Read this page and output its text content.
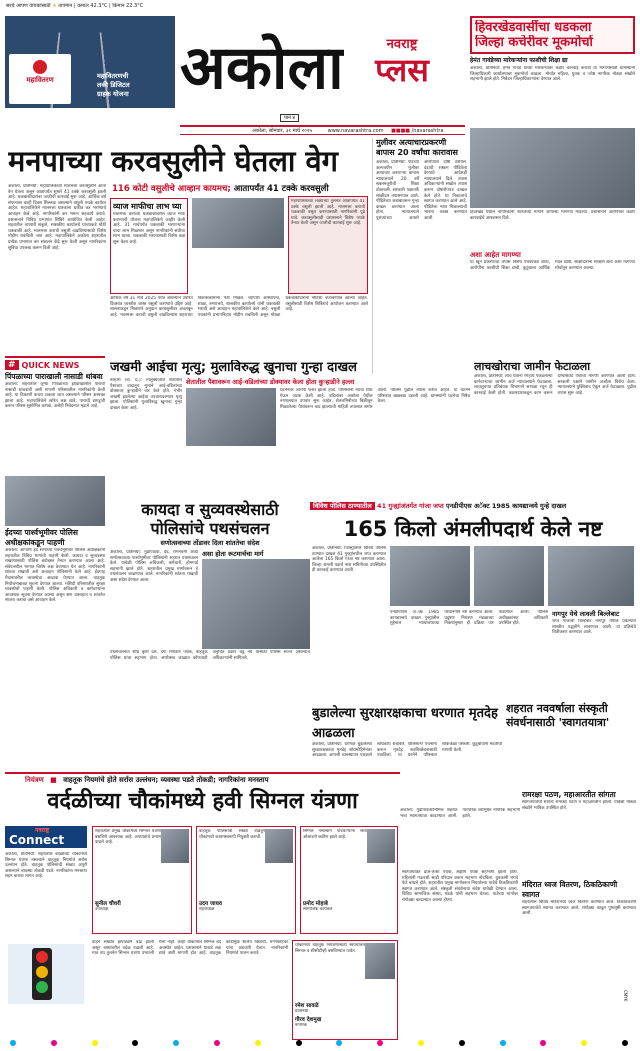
सरचे आपण वाचकांसाठी ☀ तापमान | कमाल 42.3°C | किमान 22.3°C
महावितरण	महावितरणची
लकी डिजिटल
ग्राहक योजना अकोला	नवराष्ट्र
प्लस
पान ४
हिवरखेडवासींचा धडकला
जिल्हा कचेरीवर मूकमोर्चा
हेमंत गावंडेच्या मारेकऱ्यांना फाशीची शिक्षा द्या
अकोला, प्रतिनिधी: हेमंत गावंडे यांच्या मारेकऱ्यांवर कठोर कारवाई करावी या मागणीसाठी ग्रामस्थांनी जिल्हाधिकारी कार्यालयावर मूकमोर्चा काढला. मोर्चात महिला, युवक व ज्येष्ठ नागरिक मोठ्या संख्येने सहभागी झाले होते. निवेदन जिल्हाधिकाऱ्यांना देण्यात आले.
हिवरखेड येथील नागरिकांनी शांततेच्या मार्गाने आपल्या मागण्या मांडल्या. प्रशासनाने आरोपींवर कठोर कारवाईचे आश्वासन दिले.
अशा आहेत मागण्या
या खून प्रकरणाचा तपास विशेष पथकाकडे द्यावा, आरोपींना फाशीची शिक्षा द्यावी, कुटुंबाला आर्थिक मदत द्यावी, साक्षीदारांना संरक्षण द्यावे अशा मागण्या मोर्चातून करण्यात आल्या.
अकोला, सोमवार, ३१ मार्च २०२५	www.navarashtra.com ■■■■ /navarashtra
मनपाच्या करवसुलीने घेतला वेग
116 कोटी वसुलीचे आव्हान कायमच; आतापर्यंत 41 टक्के करवसुली
अकोला, प्रतिनिधी: महापालिकेच्या मालमत्ता करवसुलीने आता वेग घेतला असून आतापर्यंत सुमारे 41 टक्के करवसुली झाली आहे. थकबाकीदारांवर जप्तीची कारवाई सुरू आहे. आर्थिक वर्ष संपण्यास काही दिवस शिल्लक असल्याने वसुली पथके कार्यरत आहेत. महापालिकेने मालमत्ता धारकांना थकीत कर भरण्याचे आवाहन केले आहे. नागरिकांनी कर भरून सहकार्य करावे. प्रशासनाने विविध प्रभागांत शिबिरे आयोजित केली आहेत. शहरातील व्यापारी संकुले, शासकीय कार्यालये यांच्याकडे मोठी थकबाकी आहे. मालमत्ता कराची वसुली वाढविण्यासाठी विशेष मोहीम राबविली जात आहे. महापालिकेने अकोला शहरातील प्रत्येक प्रभागात कर संकलन केंद्रे सुरू केली असून नागरिकांना सुविधा उपलब्ध करून दिली आहे.
व्याज माफीचा लाभ घ्या
मालमत्ता कराच्या थकबाकीवरील व्याज माफ करण्याची योजना महापालिकेने जाहीर केली आहे. 31 मार्चपर्यंत थकबाकी भरणाऱ्यांना याचा लाभ मिळणार असून नागरिकांनी संधीचा लाभ घ्यावा. थकबाकी भरण्यासाठी विशेष कक्ष सुरू केला आहे.
महापालिकेच्या लक्ष्याच्या तुलनेत आतापर्यंत 41 टक्के वसुली झाली आहे. मालमत्ता कराची थकबाकी वसूल करण्यासाठी नागरिकांनी पुढे यावे. करवसुलीसाठी प्रशासनाने विशेष पथके तैनात केली असून जप्तीची कारवाई सुरू आहे.
आर्थिक वर्ष 31 मार्च 2025 पर्यंत असल्याने उर्वरित दिवसांत जास्तीत जास्त वसुली करण्याचे उद्दिष्ट आहे. शासनाकडून मिळणारे अनुदान करवसुलीवर अवलंबून आहे. मालमत्ता कराची वसुली वाढविल्यास शहराच्या विकासकामांना गती मिळेल. व्यापारी आस्थापना, शाळा, रुग्णालये, शासकीय कार्यालये यांनी थकबाकी भरावी असे आवाहन महापालिकेने केले आहे. वसुली पथकांनी प्रभागनिहाय मोहीम राबविली असून मोठ्या थकबाकीदारांना नोटिसा बजावण्यात आल्या आहेत. वसुलीसाठी विशेष शिबिरांचे आयोजन करण्यात आले आहे.
मुलीवर अत्याचारप्रकरणी बापास 20 वर्षांचा कारावास
अकोला, प्रतिनिधी: पोटच्या अल्पवयीन मुलीवर अत्याचार करणाऱ्या बापास न्यायालयाने 20 वर्षे सक्तमजुरीची शिक्षा ठोठावली. सरकारी पक्षातर्फे साक्षीदार तपासण्यात आले. पीडितेच्या जबाबावरून गुन्हा दाखल करण्यात आला होता. न्यायालयाने पुराव्यांच्या आधारे आरोपीला दोषी ठरविले. दंडाची रक्कम पीडितेला देण्याचे आदेशही न्यायालयाने दिले. तपास अधिकाऱ्यांनी सखोल तपास करून दोषारोपपत्र दाखल केले होते. या निकालाचे स्वागत करण्यात आले आहे. पीडितेला न्याय मिळाल्याची भावना व्यक्त करण्यात आली.
# QUICK NEWS
पिंपळाच्या पाराखाली नासाडी थांबवा
अकोला: शहरातील जुन्या पिंपळाच्या झाडाखालील पाराची नासाडी थांबवावी अशी मागणी परिसरातील नागरिकांनी केली आहे. या ठिकाणी कचरा टाकला जात असल्याने परिसर अस्वच्छ झाला आहे. महापालिकेने त्वरित लक्ष द्यावे. पाराची डागडुजी करून परिसर सुशोभित करावा, असेही निवेदनात म्हटले आहे.
ईदच्या पार्श्वभूमीवर पोलिस अधीक्षकांकडून पाहणी
अकोला: आगामी ईद सणाच्या पार्श्वभूमीवर पोलिस अधीक्षकांनी शहरातील विविध भागांची पाहणी केली. कायदा व सुव्यवस्था राखण्यासाठी पोलिस बंदोबस्त तैनात करण्यात आला आहे. संवेदनशील भागात विशेष लक्ष ठेवण्यात येत आहे. नागरिकांनी शांतता राखावी असे आवाहन पोलिसांनी केले आहे. ईदगाह मैदानावरील व्यवस्थेचा आढावा घेण्यात आला. वाहतूक नियोजनाबाबत सूचना देण्यात आल्या. मशिदी परिसरातील सुरक्षा व्यवस्थेची पाहणी केली. पोलिस अधिकारी व कर्मचाऱ्यांना आवश्यक सूचना देण्यात आल्या असून सण उत्साहात व शांततेत साजरा करावा असे आवाहन केले.
जखमी आईचा मृत्यु; मुलाविरुद्ध खुनाचा गुन्हा दाखल
शेतातील पैशावरून आई-वडिलांच्या डोक्यावर केला होता कुऱ्हाडीने हल्ला
तेल्हारा (वा. प्र.): तालुक्यातील शेतातील पैशांच्या वादातून मुलाने आई-वडिलांच्या डोक्यावर कुऱ्हाडीने वार केले होते. गंभीर जखमी झालेल्या आईचा उपचारादरम्यान मृत्यू झाला. पोलिसांनी मुलाविरुद्ध खुनाचा गुन्हा दाखल केला आहे.
घटनेनंतर आरोपी फरार झाला होता. पोलिसांनी त्याचा शोध घेऊन अटक केली आहे. वडिलांवर अकोला येथील रुग्णालयात उपचार सुरू आहेत. शेतजमिनीच्या विक्रीतून मिळालेल्या पैशांवरून वाद झाल्याची माहिती तपासात समोर आली. पोलिस पुढील तपास करीत आहेत. या घटनेने परिसरात खळबळ उडाली आहे. ग्रामस्थांनी घटनेचा निषेध केला.
लाचखोराचा जामीन फेटाळला
अकोला, प्रतिनिधी: लाच घेताना रंगेहाथ पकडलेल्या कर्मचाऱ्याचा जामीन अर्ज न्यायालयाने फेटाळला. लाचलुचपत प्रतिबंधक विभागाने सापळा रचून ही कारवाई केली होती. तक्रारदाराकडून काम करून देण्यासाठी पैशांची मागणी करण्यात आली होती. सरकारी पक्षाने जामीन अर्जाला विरोध केला. न्यायालयाने युक्तिवाद ऐकून अर्ज फेटाळला. पुढील तपास सुरू आहे.
कायदा व सुव्यवस्थेसाठी
पोलिसांचे पथसंचलन
सणोत्सवाच्या तोंडावर दिला शांततेचा संदेश
अकोला, प्रतिनिधी: गुढीपाडवा, ईद, रामनवमी आदी सणोत्सवाच्या पार्श्वभूमीवर पोलिसांनी शहरात पथसंचलन केले. यावेळी पोलिस अधिकारी, कर्मचारी, होमगार्ड सहभागी झाले होते. शहरातील प्रमुख मार्गावरून हे पथसंचलन काढण्यात आले. नागरिकांनी शांतता राखावी असा संदेश देण्यात आला.
असा होता रूटमार्चचा मार्ग
पथसंचलनात शीघ्र कृती दल, दंगा नियंत्रण पथक, वाहतूक पोलिस यांचा सहभाग होता. सणोत्सव काळात कोणताही अनुचित प्रकार घडू नये यासाठी पोलिस सज्ज असल्याचे अधिकाऱ्यांनी सांगितले.
विविध पोलिस ठाण्यातील 41 गुन्ह्यांअंतर्गत गांजा जप्त एनडीपीएस अॅक्ट 1985 कायद्यान्वये गुन्हे दाखल
165 किलो अंमलीपदार्थ केले नष्ट
अकोला, प्रतिनिधी: जिल्ह्यातील विविध पोलिस ठाण्यात दाखल 41 गुन्ह्यांमधील जप्त करण्यात आलेला 165 किलो गांजा नष्ट करण्यात आला. जिल्हा अंमली पदार्थ नाश समितीच्या उपस्थितीत ही कारवाई करण्यात आली.
एनडीपीएस अॅक्ट 1985 कायद्यान्वये दाखल गुन्ह्यांतील मुद्देमाल न्यायालयाच्या परवानगीने नष्ट करण्यात आला. प्रदूषण नियंत्रण मंडळाच्या निकषांनुसार ही प्रक्रिया पार पाडण्यात आली. पोलिस अधीक्षकांसह अधिकारी उपस्थित होते.
नागपूर येथे लावली बिल्लेबाट
जप्त गांजाची विल्हेवाट नागपूर येथील प्रकल्पात शास्त्रीय पद्धतीने लावण्यात आली. या प्रक्रियेचे चित्रीकरण करण्यात आले.
बुडालेल्या सुरक्षारक्षकाचा धरणात मृतदेह आढळला
अकोला, प्रतिनिधी: धरणात बुडालेल्या सुरक्षारक्षकाचा मृतदेह शोधमोहिमेनंतर आढळला. आपत्ती व्यवस्थापन पथकाने शोधकार्य राबविले. पोलिसांनी पंचनामा करून मृतदेह शवविच्छेदनासाठी पाठविला. या घटनेने परिसरात शोककळा पसरली. कुटुंबीयांनी मदतीची मागणी केली.
शहरात नववर्षाला संस्कृती संवर्धनासाठी 'स्वागतयात्रा'
अकोला: गुढीपाडव्यानिमित्त शहरात भव्य स्वागतयात्रा काढण्यात आली. पारंपरिक वेशभूषेत नागरिक सहभागी झाले.
रामरक्षा पठण, महाआरतीत सांगता
स्वागतयात्रेची सांगता रामरक्षा पठण व महाआरतीने झाली. यावेळी मोठ्या संख्येने भाविक उपस्थित होते.
मंदिरात ध्वज वितरण, ठिकठिकाणी स्वागत
शहरातील विविध मंदिरांमध्ये ध्वज वितरण करण्यात आले. ठिकठिकाणी स्वागतयात्रेचे स्वागत करण्यात आले. रांगोळ्या काढून पुष्पवृष्टी करण्यात आली.
नियंत्रण ■ वाहतूक नियमांचे होते सर्रास उल्लंघन; व्यवस्था पडते तोकडी; नागरिकांना मनस्ताप
वर्दळीच्या चौकांमध्ये हवी सिग्नल यंत्रणा
नवराष्ट्र
Connect
अकोला, प्रतिनिधी: शहरातील वर्दळीच्या चौकांमध्ये सिग्नल यंत्रणा नसल्याने वाहतूक नियमांचे सर्रास उल्लंघन होते. वाहतूक पोलिसांची संख्या अपुरी असल्याने व्यवस्था तोकडी पडते. नागरिकांना मनस्ताप सहन करावा लागत आहे.
शहरातील प्रमुख चौकांमध्ये सिग्नल यंत्रणा बसविणे आवश्यक आहे. अपघातांचे प्रमाण वाढले आहे.
सुनील चौधरी
उपाध्यक्ष
वाहतूक पोलिसांची संख्या वाढवून चौकांमध्ये कायमस्वरूपी नियुक्ती करावी.
उदय जाधव
शहराध्यक्ष
सिग्नल नसल्याने पादचाऱ्यांना रस्ता ओलांडणे कठीण झाले आहे.
प्रमोद मोहाबे
सामाजिक कार्यकर्ते
वाहन संख्येत झपाट्याने वाढ झाली असून रस्त्यांवरील वर्दळ वाढली आहे. मात्र त्या तुलनेत सिग्नल यंत्रणा उभारली गेली नाही. काही चौकांतील सिग्नल बंद अवस्थेत आहेत. प्रशासनाने याकडे लक्ष द्यावे अशी मागणी होत आहे. वाहतूक कोंडीमुळे शालेय विद्यार्थी, रुग्णवाहिका यांना अडचणी येतात. नागरिकांनी नियमांचे पालन करावे.
चौकांमध्ये वाहतूक नियंत्रणासाठी स्वयंचलित सिग्नल व सीसीटीव्ही बसविण्यात यावेत.
रमेश सावळे
प्रतिनिधी
गौरव देशमुख
नागरिक
स्वागतयात्रेत ढोल-ताशा पथके, लेझीम पथके सहभागी झाली होती. महिलांनी नऊवारी साडी परिधान करून सहभाग नोंदविला. युवकांनी भगवे फेटे बांधले होते. शहरातील प्रमुख मार्गावरून निघालेल्या यात्रेचे ठिकठिकाणी स्वागत करण्यात आले. संस्कृती संवर्धनाचा संदेश यावेळी देण्यात आला. विविध सामाजिक संस्था, मंडळे यांनी सहभाग घेतला. यात्रेच्या मार्गावर रांगोळ्या काढण्यात आल्या होत्या.
CMYK
